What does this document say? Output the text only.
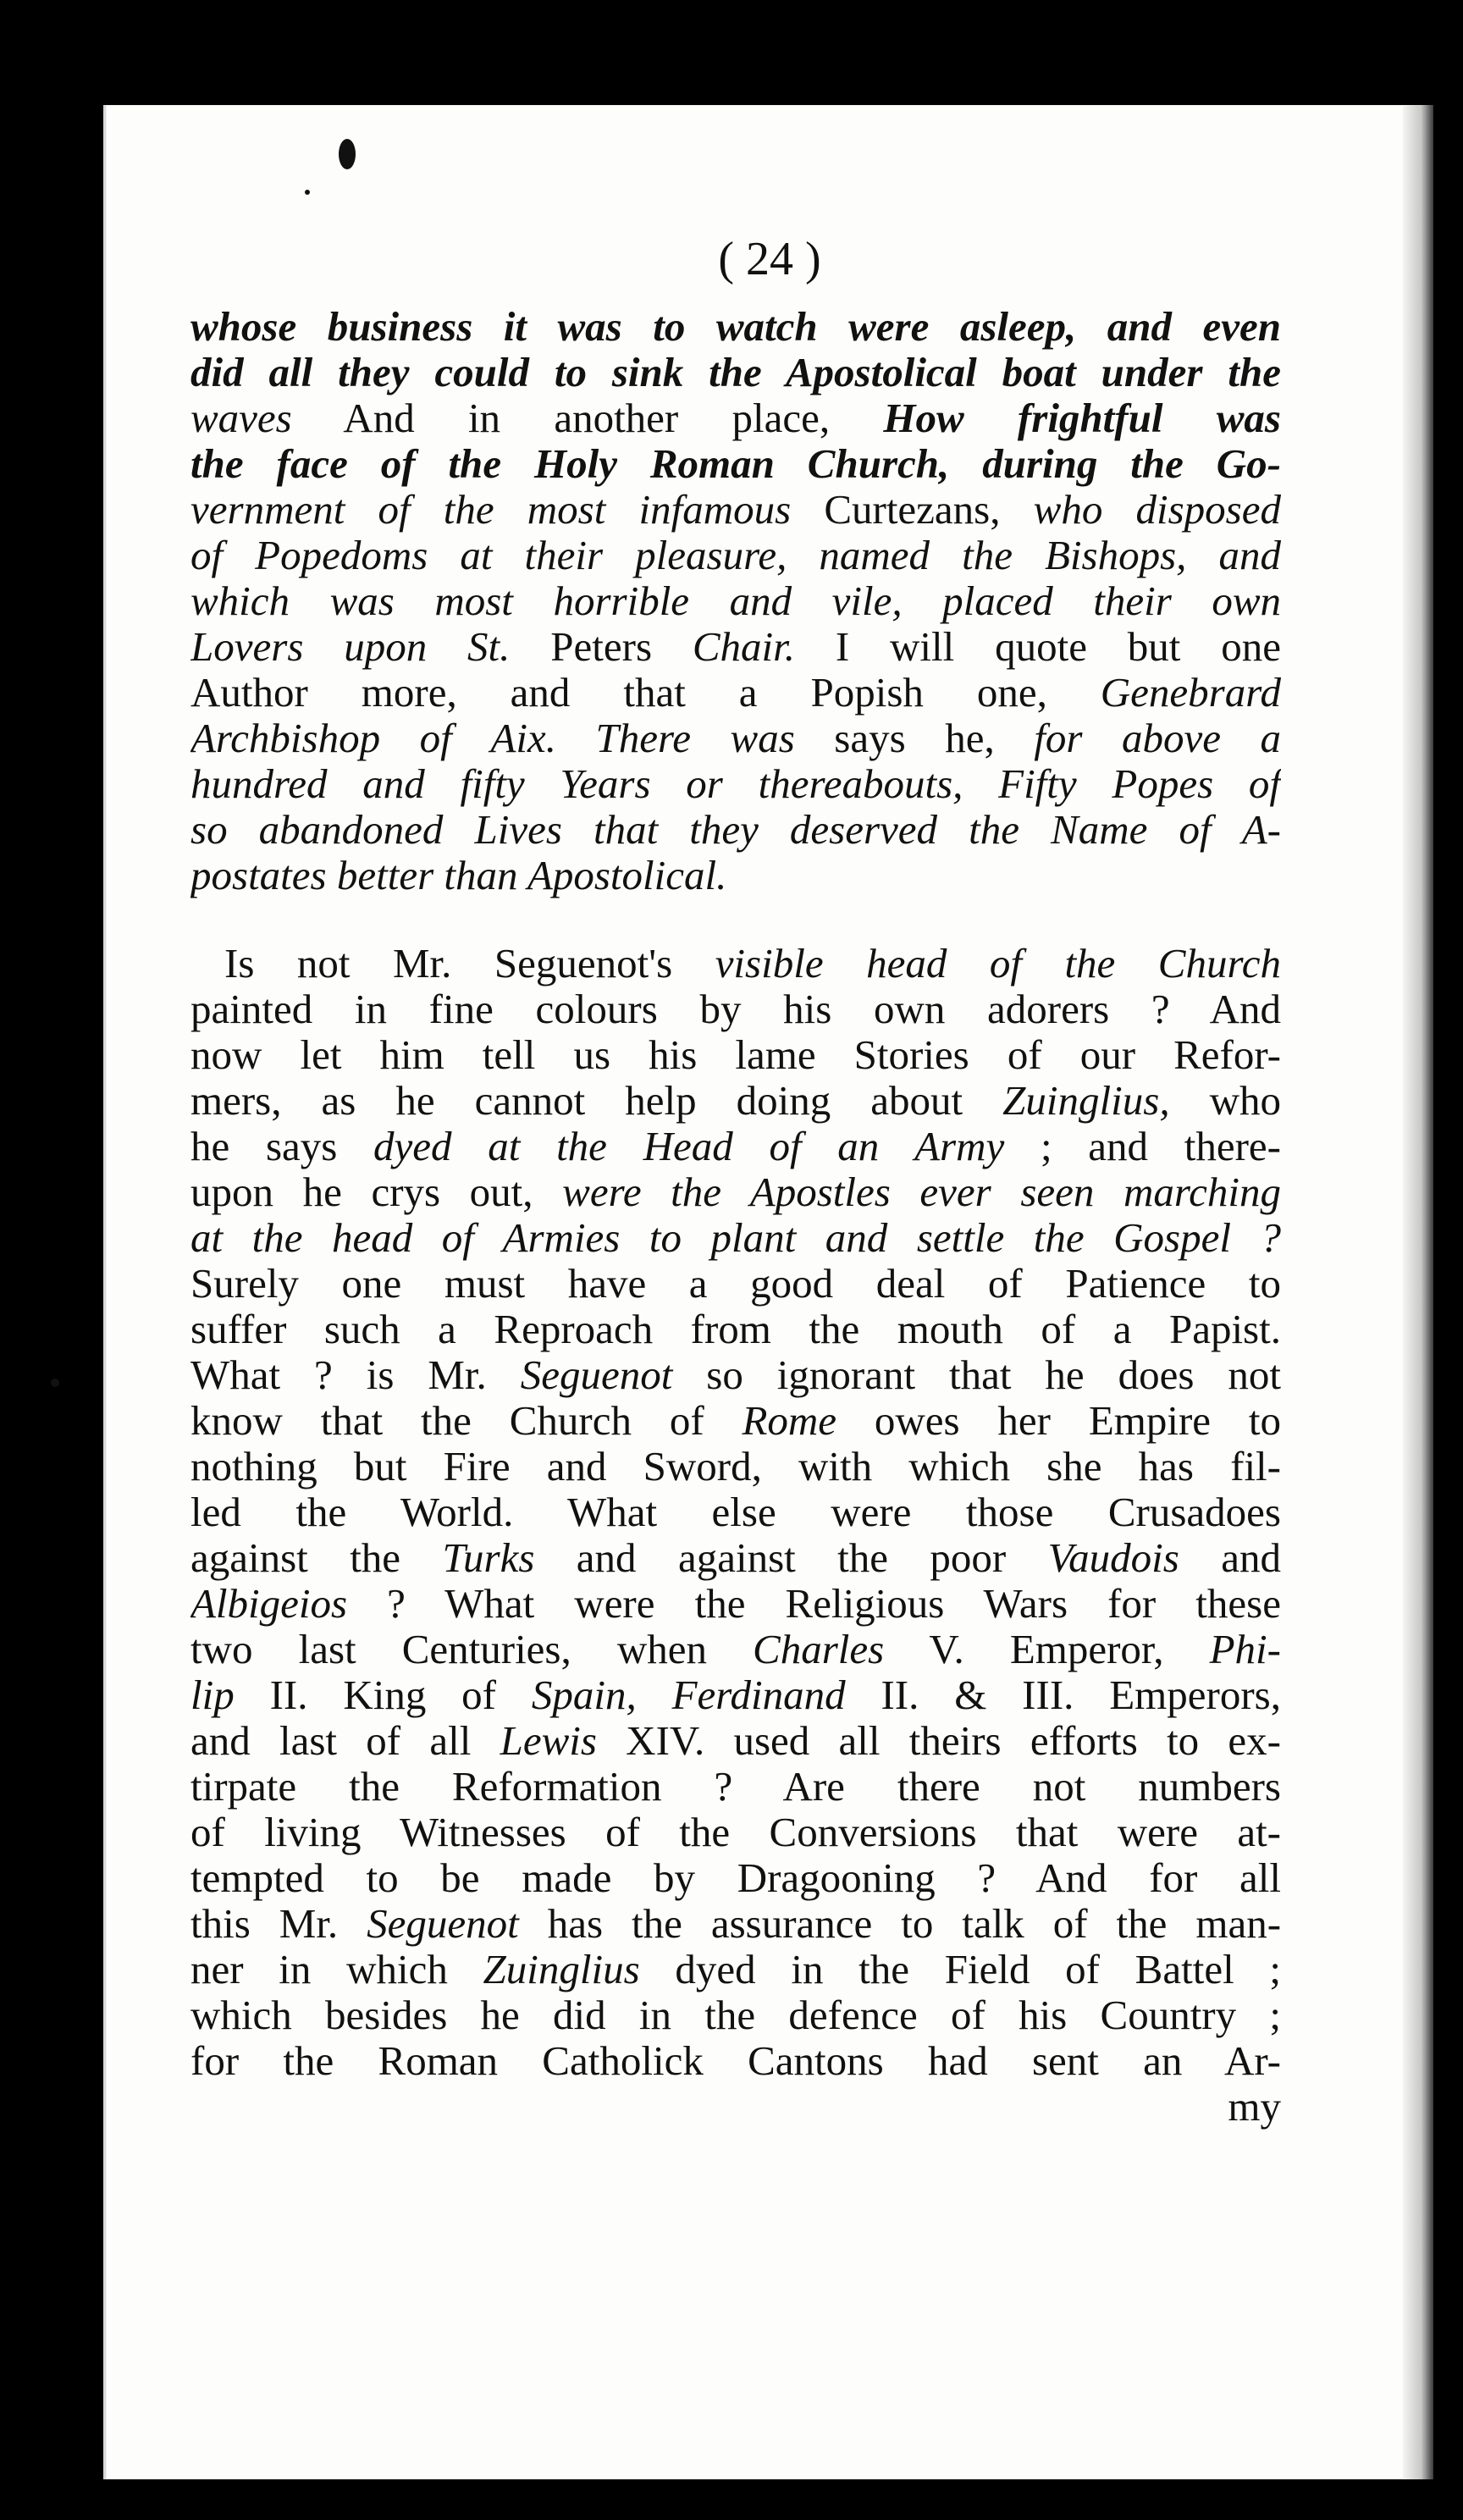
( 24 )
whose business it was to watch were asleep, and even
did all they could to sink the Apostolical boat under the
waves And in another place, How frightful was
the face of the Holy Roman Church, during the Go-
vernment of the most infamous Curtezans, who disposed
of Popedoms at their pleasure, named the Bishops, and
which was most horrible and vile, placed their own
Lovers upon St. Peters Chair. I will quote but one
Author more, and that a Popish one, Genebrard
Archbishop of Aix. There was says he, for above a
hundred and fifty Years or thereabouts, Fifty Popes of
so abandoned Lives that they deserved the Name of A-
postates better than Apostolical.
Is not Mr. Seguenot's visible head of the Church
painted in fine colours by his own adorers ? And
now let him tell us his lame Stories of our Refor-
mers, as he cannot help doing about Zuinglius, who
he says dyed at the Head of an Army ; and there-
upon he crys out, were the Apostles ever seen marching
at the head of Armies to plant and settle the Gospel ?
Surely one must have a good deal of Patience to
suffer such a Reproach from the mouth of a Papist.
What ? is Mr. Seguenot so ignorant that he does not
know that the Church of Rome owes her Empire to
nothing but Fire and Sword, with which she has fil-
led the World. What else were those Crusadoes
against the Turks and against the poor Vaudois and
Albigeios ? What were the Religious Wars for these
two last Centuries, when Charles V. Emperor, Phi-
lip II. King of Spain, Ferdinand II. & III. Emperors,
and last of all Lewis XIV. used all theirs efforts to ex-
tirpate the Reformation ? Are there not numbers
of living Witnesses of the Conversions that were at-
tempted to be made by Dragooning ? And for all
this Mr. Seguenot has the assurance to talk of the man-
ner in which Zuinglius dyed in the Field of Battel ;
which besides he did in the defence of his Country ;
for the Roman Catholick Cantons had sent an Ar-
my
